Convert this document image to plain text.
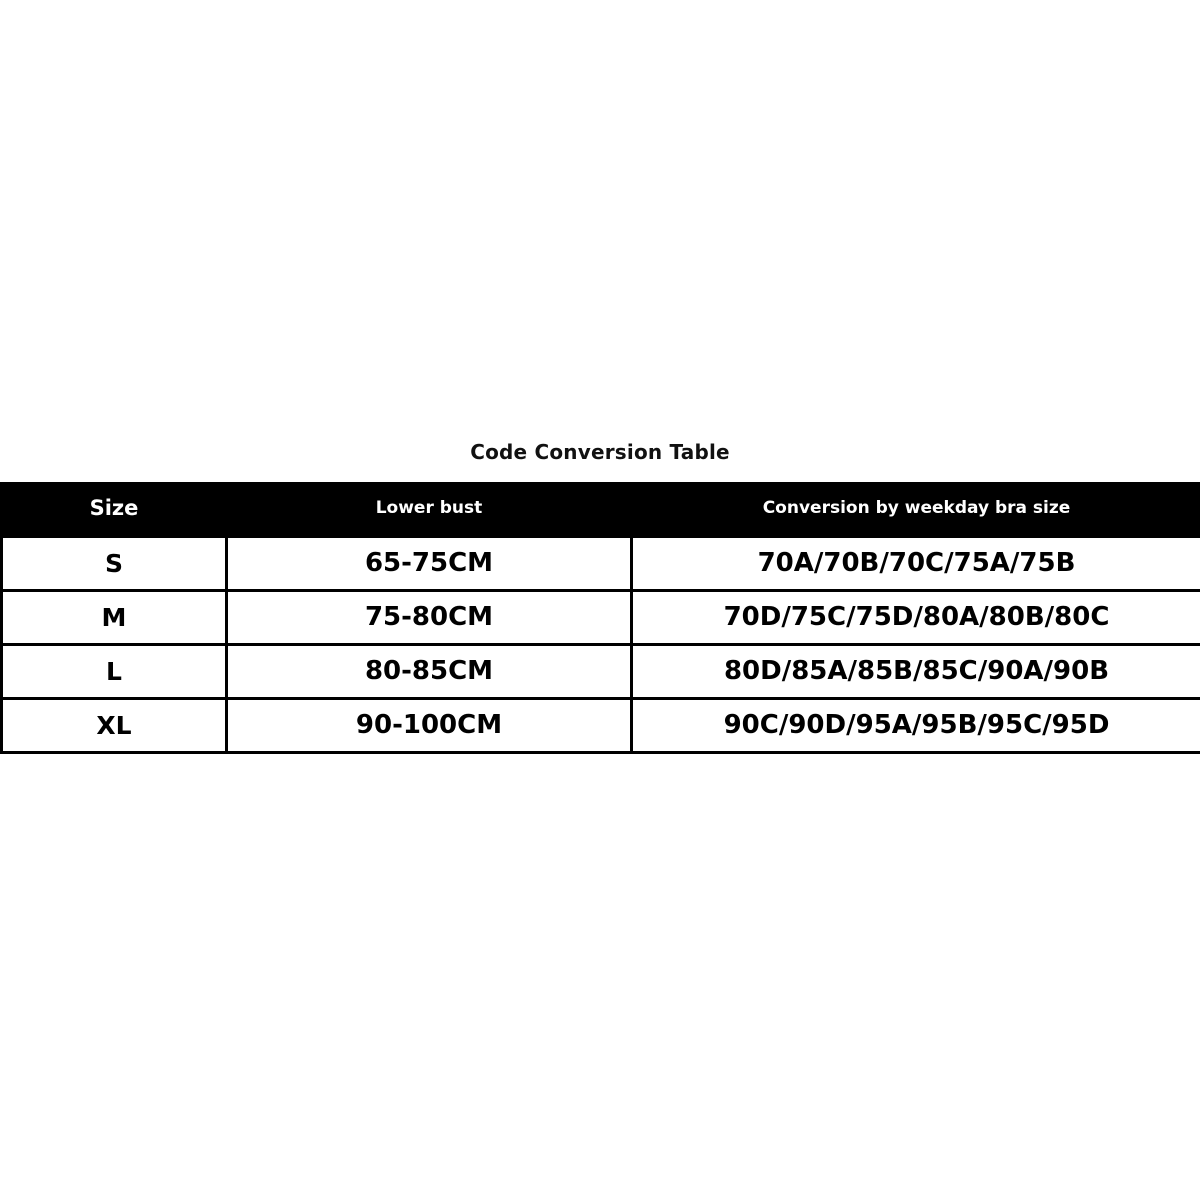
Code Conversion Table
Size	Lower bust	Conversion by weekday bra size
S	65-75CM	70A/70B/70C/75A/75B
M	75-80CM	70D/75C/75D/80A/80B/80C
L	80-85CM	80D/85A/85B/85C/90A/90B
XL	90-100CM	90C/90D/95A/95B/95C/95D
